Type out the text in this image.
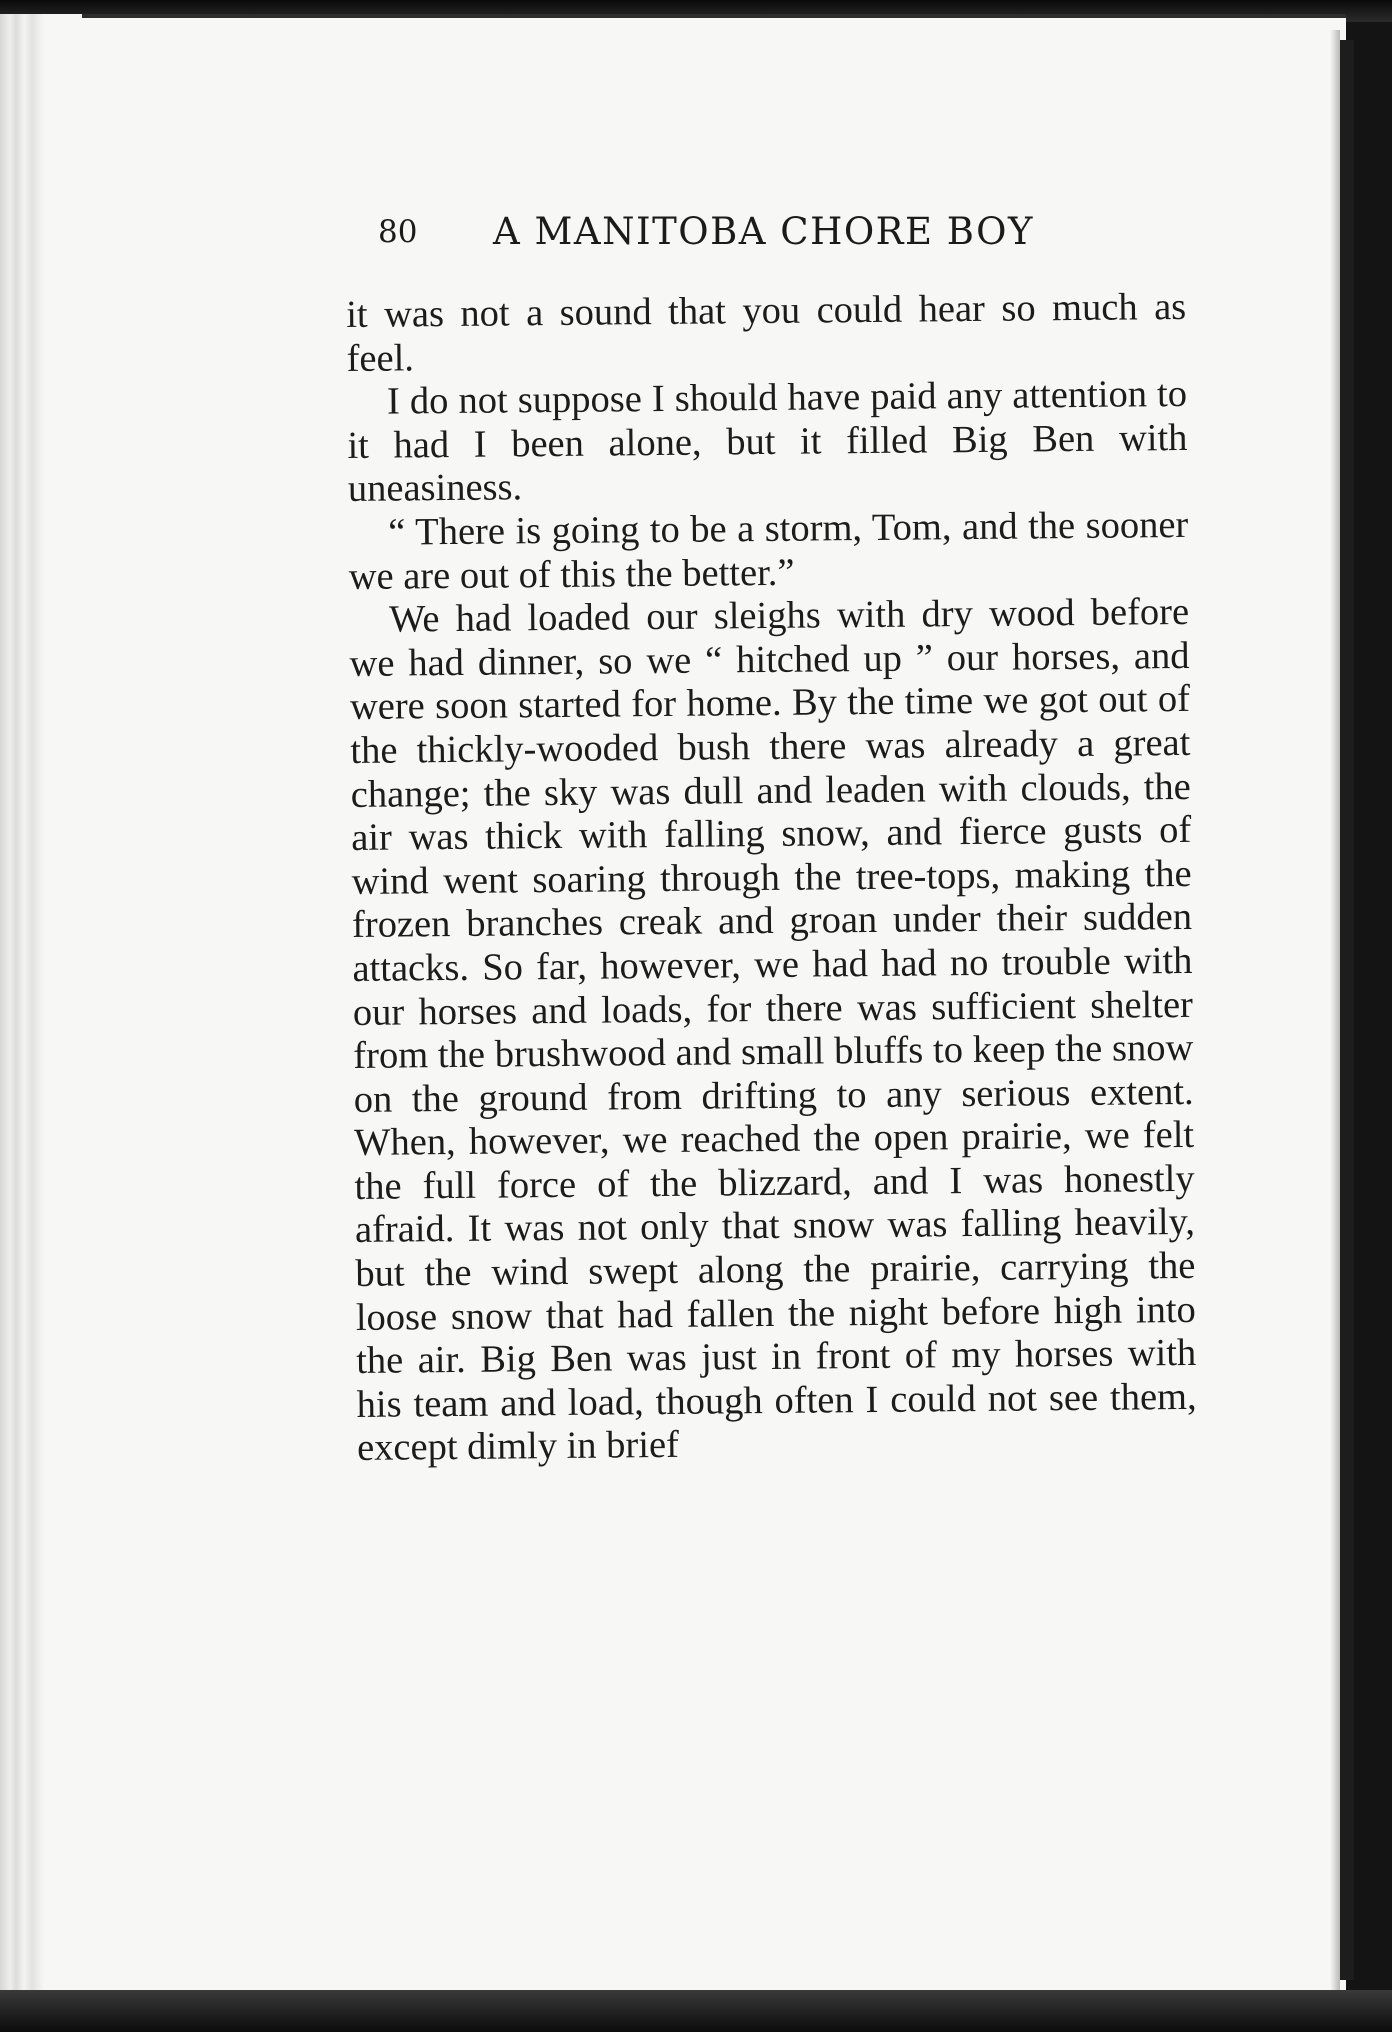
80 A MANITOBA CHORE BOY

it was not a sound that you could hear so much as feel.

I do not suppose I should have paid any attention to it had I been alone, but it filled Big Ben with uneasiness.

“ There is going to be a storm, Tom, and the sooner we are out of this the better.”

We had loaded our sleighs with dry wood before we had dinner, so we “ hitched up ” our horses, and were soon started for home. By the time we got out of the thickly-wooded bush there was already a great change; the sky was dull and leaden with clouds, the air was thick with falling snow, and fierce gusts of wind went soaring through the tree-tops, making the frozen branches creak and groan under their sudden attacks. So far, however, we had had no trouble with our horses and loads, for there was sufficient shelter from the brushwood and small bluffs to keep the snow on the ground from drifting to any serious extent. When, however, we reached the open prairie, we felt the full force of the blizzard, and I was honestly afraid. It was not only that snow was falling heavily, but the wind swept along the prairie, carrying the loose snow that had fallen the night before high into the air. Big Ben was just in front of my horses with his team and load, though often I could not see them, except dimly in brief
